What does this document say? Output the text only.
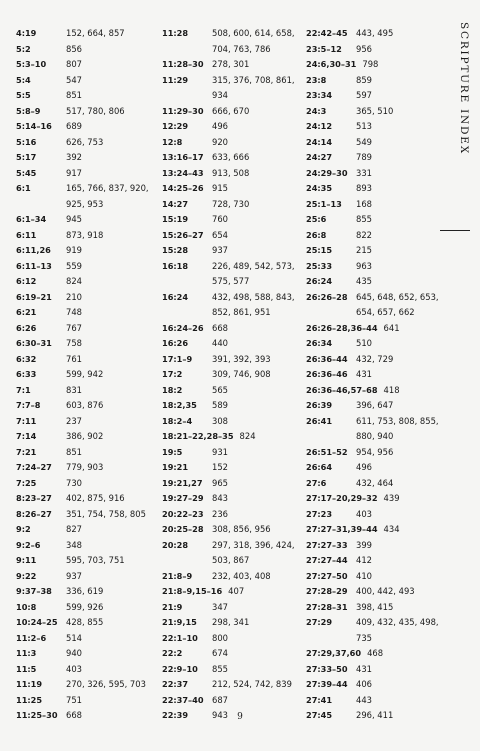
4:19	152, 664, 857
5:2	856
5:3–10	807
5:4	547
5:5	851
5:8–9	517, 780, 806
5:14–16	689
5:16	626, 753
5:17	392
5:45	917
6:1	165, 766, 837, 920,
925, 953
6:1–34	945
6:11	873, 918
6:11,26	919
6:11–13	559
6:12	824
6:19–21	210
6:21	748
6:26	767
6:30–31	758
6:32	761
6:33	599, 942
7:1	831
7:7–8	603, 876
7:11	237
7:14	386, 902
7:21	851
7:24–27	779, 903
7:25	730
8:23–27	402, 875, 916
8:26–27	351, 754, 758, 805
9:2	827
9:2–6	348
9:11	595, 703, 751
9:22	937
9:37–38	336, 619
10:8	599, 926
10:24–25	428, 855
11:2–6	514
11:3	940
11:5	403
11:19	270, 326, 595, 703
11:25	751
11:25–30	668
11:28	508, 600, 614, 658,
704, 763, 786
11:28–30	278, 301
11:29	315, 376, 708, 861,
934
11:29–30	666, 670
12:29	496
12:8	920
13:16–17	633, 666
13:24–43	913, 508
14:25–26	915
14:27	728, 730
15:19	760
15:26–27	654
15:28	937
16:18	226, 489, 542, 573,
575, 577
16:24	432, 498, 588, 843,
852, 861, 951
16:24–26	668
16:26	440
17:1–9	391, 392, 393
17:2	309, 746, 908
18:2	565
18:2,35	589
18:2–4	308
18:21–22,28–35 824
19:5	931
19:21	152
19:21,27	965
19:27–29	843
20:22–23	236
20:25–28	308, 856, 956
20:28	297, 318, 396, 424,
503, 867
21:8–9	232, 403, 408
21:8–9,15–16 407
21:9	347
21:9,15	298, 341
22:1–10	800
22:2	674
22:9–10	855
22:37	212, 524, 742, 839
22:37–40	687
22:39	943
22:42–45	443, 495
23:5–12	956
24:6,30–31 798
23:8	859
23:34	597
24:3	365, 510
24:12	513
24:14	549
24:27	789
24:29–30	331
24:35	893
25:1–13	168
25:6	855
26:8	822
25:15	215
25:33	963
26:24	435
26:26–28	645, 648, 652, 653,
654, 657, 662
26:26–28,36–44 641
26:34	510
26:36–44	432, 729
26:36–46	431
26:36–46,57–68 418
26:39	396, 647
26:41	611, 753, 808, 855,
880, 940
26:51–52	954, 956
26:64	496
27:6	432, 464
27:17–20,29–32 439
27:23	403
27:27–31,39–44 434
27:27–33	399
27:27–44	412
27:27–50	410
27:28–29	400, 442, 493
27:28–31	398, 415
27:29	409, 432, 435, 498,
735
27:29,37,60 468
27:33–50	431
27:39–44	406
27:41	443
27:45	296, 411
SCRIPTURE INDEX
9
